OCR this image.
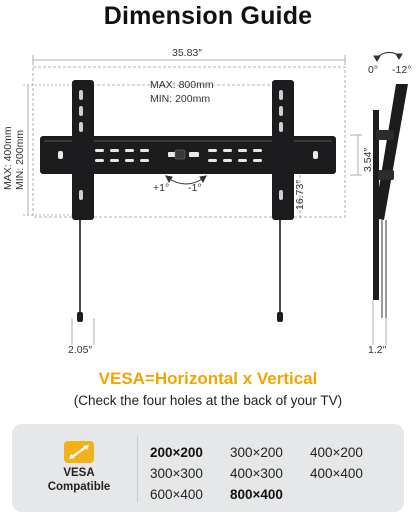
Dimension Guide
35.83″
MAX: 800mm
MIN: 200mm
MAX: 400mm MIN: 200mm	3.54″
16.73″
2.05″	1.2″
+1° -1°
0° -12°
VESA=Horizontal x Vertical
(Check the four holes at the back of your TV)
VESA
Compatible
200×200	300×200	400×200
300×300	400×300	400×400
600×400	800×400
